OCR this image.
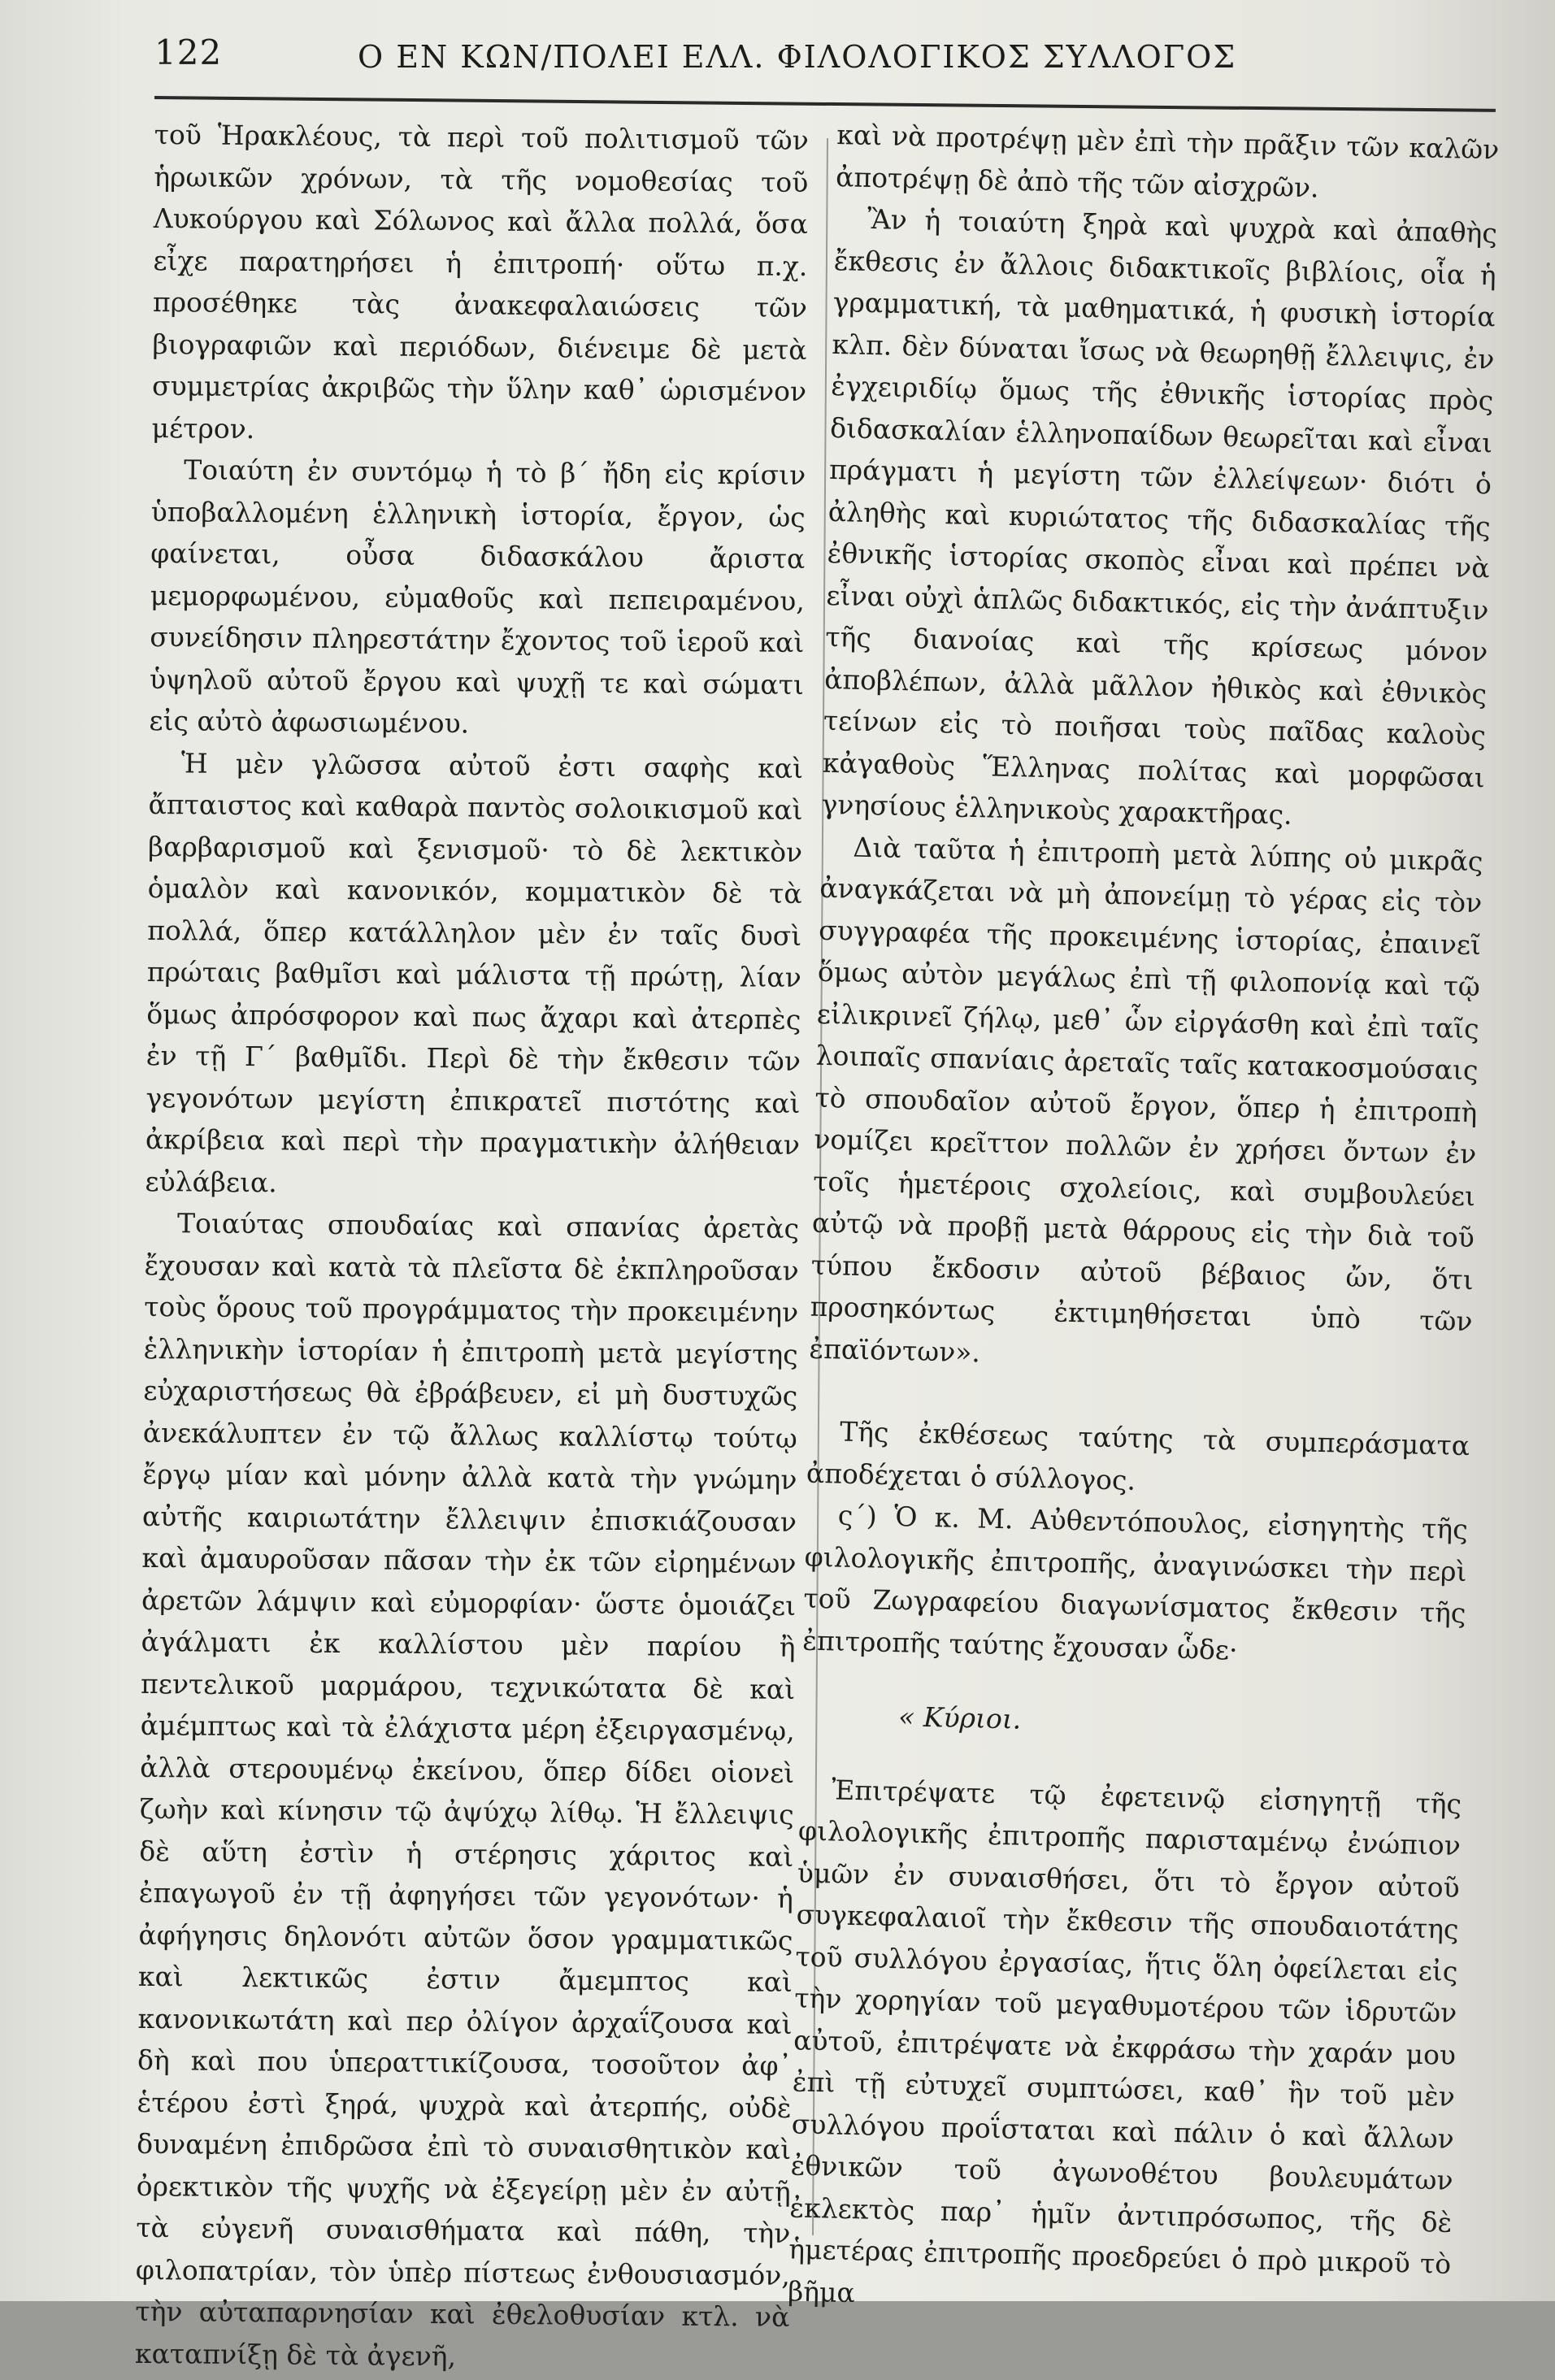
122	Ο ΕΝ ΚΩΝ/ΠΟΛΕΙ ΕΛΛ. ΦΙΛΟΛΟΓΙΚΟΣ ΣΥΛΛΟΓΟΣ

τοῦ Ἡρακλέους, τὰ περὶ τοῦ πολιτισμοῦ τῶν ἡρωικῶν χρόνων, τὰ τῆς νομοθεσίας τοῦ Λυκούργου καὶ Σόλωνος καὶ ἄλλα πολλά, ὅσα εἶχε παρατηρήσει ἡ ἐπιτροπή· οὕτω π.χ. προσέθηκε τὰς ἀνακεφαλαιώσεις τῶν βιογραφιῶν καὶ περιόδων, διένειμε δὲ μετὰ συμμετρίας ἀκριβῶς τὴν ὕλην καθ᾽ ὡρισμένον μέτρον.

Τοιαύτη ἐν συντόμῳ ἡ τὸ β´ ἤδη εἰς κρίσιν ὑποβαλλομένη ἑλληνικὴ ἱστορία, ἔργον, ὡς φαίνεται, οὖσα διδασκάλου ἄριστα μεμορφωμένου, εὐμαθοῦς καὶ πεπειραμένου, συνείδησιν πληρεστάτην ἔχοντος τοῦ ἱεροῦ καὶ ὑψηλοῦ αὐτοῦ ἔργου καὶ ψυχῇ τε καὶ σώματι εἰς αὐτὸ ἀφωσιωμένου.

Ἡ μὲν γλῶσσα αὐτοῦ ἐστι σαφὴς καὶ ἄπταιστος καὶ καθαρὰ παντὸς σολοικισμοῦ καὶ βαρβαρισμοῦ καὶ ξενισμοῦ· τὸ δὲ λεκτικὸν ὁμαλὸν καὶ κανονικόν, κομματικὸν δὲ τὰ πολλά, ὅπερ κατάλληλον μὲν ἐν ταῖς δυσὶ πρώταις βαθμῖσι καὶ μάλιστα τῇ πρώτῃ, λίαν ὅμως ἀπρόσφορον καὶ πως ἄχαρι καὶ ἀτερπὲς ἐν τῇ Γ´ βαθμῖδι. Περὶ δὲ τὴν ἔκθεσιν τῶν γεγονότων μεγίστη ἐπικρατεῖ πιστότης καὶ ἀκρίβεια καὶ περὶ τὴν πραγματικὴν ἀλήθειαν εὐλάβεια.

Τοιαύτας σπουδαίας καὶ σπανίας ἀρετὰς ἔχουσαν καὶ κατὰ τὰ πλεῖστα δὲ ἐκπληροῦσαν τοὺς ὅρους τοῦ προγράμματος τὴν προκειμένην ἑλληνικὴν ἱστορίαν ἡ ἐπιτροπὴ μετὰ μεγίστης εὐχαριστήσεως θὰ ἐβράβευεν, εἰ μὴ δυστυχῶς ἀνεκάλυπτεν ἐν τῷ ἄλλως καλλίστῳ τούτῳ ἔργῳ μίαν καὶ μόνην ἀλλὰ κατὰ τὴν γνώμην αὐτῆς καιριωτάτην ἔλλειψιν ἐπισκιάζουσαν καὶ ἀμαυροῦσαν πᾶσαν τὴν ἐκ τῶν εἰρημένων ἀρετῶν λάμψιν καὶ εὐμορφίαν· ὥστε ὁμοιάζει ἀγάλματι ἐκ καλλίστου μὲν παρίου ἢ πεντελικοῦ μαρμάρου, τεχνικώτατα δὲ καὶ ἀμέμπτως καὶ τὰ ἐλάχιστα μέρη ἐξειργασμένῳ, ἀλλὰ στερουμένῳ ἐκείνου, ὅπερ δίδει οἱονεὶ ζωὴν καὶ κίνησιν τῷ ἀψύχῳ λίθῳ. Ἡ ἔλλειψις δὲ αὕτη ἐστὶν ἡ στέρησις χάριτος καὶ ἐπαγωγοῦ ἐν τῇ ἀφηγήσει τῶν γεγονότων· ἡ ἀφήγησις δηλονότι αὐτῶν ὅσον γραμματικῶς καὶ λεκτικῶς ἐστιν ἄμεμπτος καὶ κανονικωτάτη καὶ περ ὀλίγον ἀρχαΐζουσα καὶ δὴ καὶ που ὑπεραττικίζουσα, τοσοῦτον ἀφ᾽ ἑτέρου ἐστὶ ξηρά, ψυχρὰ καὶ ἀτερπής, οὐδὲ δυναμένη ἐπιδρῶσα ἐπὶ τὸ συναισθητικὸν καὶ ὀρεκτικὸν τῆς ψυχῆς νὰ ἐξεγείρῃ μὲν ἐν αὐτῇ τὰ εὐγενῆ συναισθήματα καὶ πάθη, τὴν φιλοπατρίαν, τὸν ὑπὲρ πίστεως ἐνθουσιασμόν, τὴν αὐταπαρνησίαν καὶ ἐθελοθυσίαν κτλ. νὰ καταπνίξῃ δὲ τὰ ἀγενῆ,

καὶ νὰ προτρέψῃ μὲν ἐπὶ τὴν πρᾶξιν τῶν καλῶν ἀποτρέψῃ δὲ ἀπὸ τῆς τῶν αἰσχρῶν.

Ἂν ἡ τοιαύτη ξηρὰ καὶ ψυχρὰ καὶ ἀπαθὴς ἔκθεσις ἐν ἄλλοις διδακτικοῖς βιβλίοις, οἷα ἡ γραμματική, τὰ μαθηματικά, ἡ φυσικὴ ἱστορία κλπ. δὲν δύναται ἴσως νὰ θεωρηθῇ ἔλλειψις, ἐν ἐγχειριδίῳ ὅμως τῆς ἐθνικῆς ἱστορίας πρὸς διδασκαλίαν ἑλληνοπαίδων θεωρεῖται καὶ εἶναι πράγματι ἡ μεγίστη τῶν ἐλλείψεων· διότι ὁ ἀληθὴς καὶ κυριώτατος τῆς διδασκαλίας τῆς ἐθνικῆς ἱστορίας σκοπὸς εἶναι καὶ πρέπει νὰ εἶναι οὐχὶ ἁπλῶς διδακτικός, εἰς τὴν ἀνάπτυξιν τῆς διανοίας καὶ τῆς κρίσεως μόνον ἀποβλέπων, ἀλλὰ μᾶλλον ἠθικὸς καὶ ἐθνικὸς τείνων εἰς τὸ ποιῆσαι τοὺς παῖδας καλοὺς κἀγαθοὺς Ἕλληνας πολίτας καὶ μορφῶσαι γνησίους ἑλληνικοὺς χαρακτῆρας.

Διὰ ταῦτα ἡ ἐπιτροπὴ μετὰ λύπης οὐ μικρᾶς ἀναγκάζεται νὰ μὴ ἀπονείμῃ τὸ γέρας εἰς τὸν συγγραφέα τῆς προκειμένης ἱστορίας, ἐπαινεῖ ὅμως αὐτὸν μεγάλως ἐπὶ τῇ φιλοπονίᾳ καὶ τῷ εἰλικρινεῖ ζήλῳ, μεθ᾽ ὧν εἰργάσθη καὶ ἐπὶ ταῖς λοιπαῖς σπανίαις ἀρεταῖς ταῖς κατακοσμούσαις τὸ σπουδαῖον αὐτοῦ ἔργον, ὅπερ ἡ ἐπιτροπὴ νομίζει κρεῖττον πολλῶν ἐν χρήσει ὄντων ἐν τοῖς ἡμετέροις σχολείοις, καὶ συμβουλεύει αὐτῷ νὰ προβῇ μετὰ θάρρους εἰς τὴν διὰ τοῦ τύπου ἔκδοσιν αὐτοῦ βέβαιος ὤν, ὅτι προσηκόντως ἐκτιμηθήσεται ὑπὸ τῶν ἐπαϊόντων».

Τῆς ἐκθέσεως ταύτης τὰ συμπεράσματα ἀποδέχεται ὁ σύλλογος.

ς´) Ὁ κ. Μ. Αὐθεντόπουλος, εἰσηγητὴς τῆς φιλολογικῆς ἐπιτροπῆς, ἀναγινώσκει τὴν περὶ τοῦ Ζωγραφείου διαγωνίσματος ἔκθεσιν τῆς ἐπιτροπῆς ταύτης ἔχουσαν ὧδε·

« Κύριοι.

Ἐπιτρέψατε τῷ ἐφετεινῷ εἰσηγητῇ τῆς φιλολογικῆς ἐπιτροπῆς παρισταμένῳ ἐνώπιον ὑμῶν ἐν συναισθήσει, ὅτι τὸ ἔργον αὐτοῦ συγκεφαλαιοῖ τὴν ἔκθεσιν τῆς σπουδαιοτάτης τοῦ συλλόγου ἐργασίας, ἥτις ὅλη ὀφείλεται εἰς τὴν χορηγίαν τοῦ μεγαθυμοτέρου τῶν ἱδρυτῶν αὐτοῦ, ἐπιτρέψατε νὰ ἐκφράσω τὴν χαράν μου ἐπὶ τῇ εὐτυχεῖ συμπτώσει, καθ᾽ ἣν τοῦ μὲν συλλόγου προΐσταται καὶ πάλιν ὁ καὶ ἄλλων ἐθνικῶν τοῦ ἀγωνοθέτου βουλευμάτων ἐκλεκτὸς παρ᾽ ἡμῖν ἀντιπρόσωπος, τῆς δὲ ἡμετέρας ἐπιτροπῆς προεδρεύει ὁ πρὸ μικροῦ τὸ βῆμα
